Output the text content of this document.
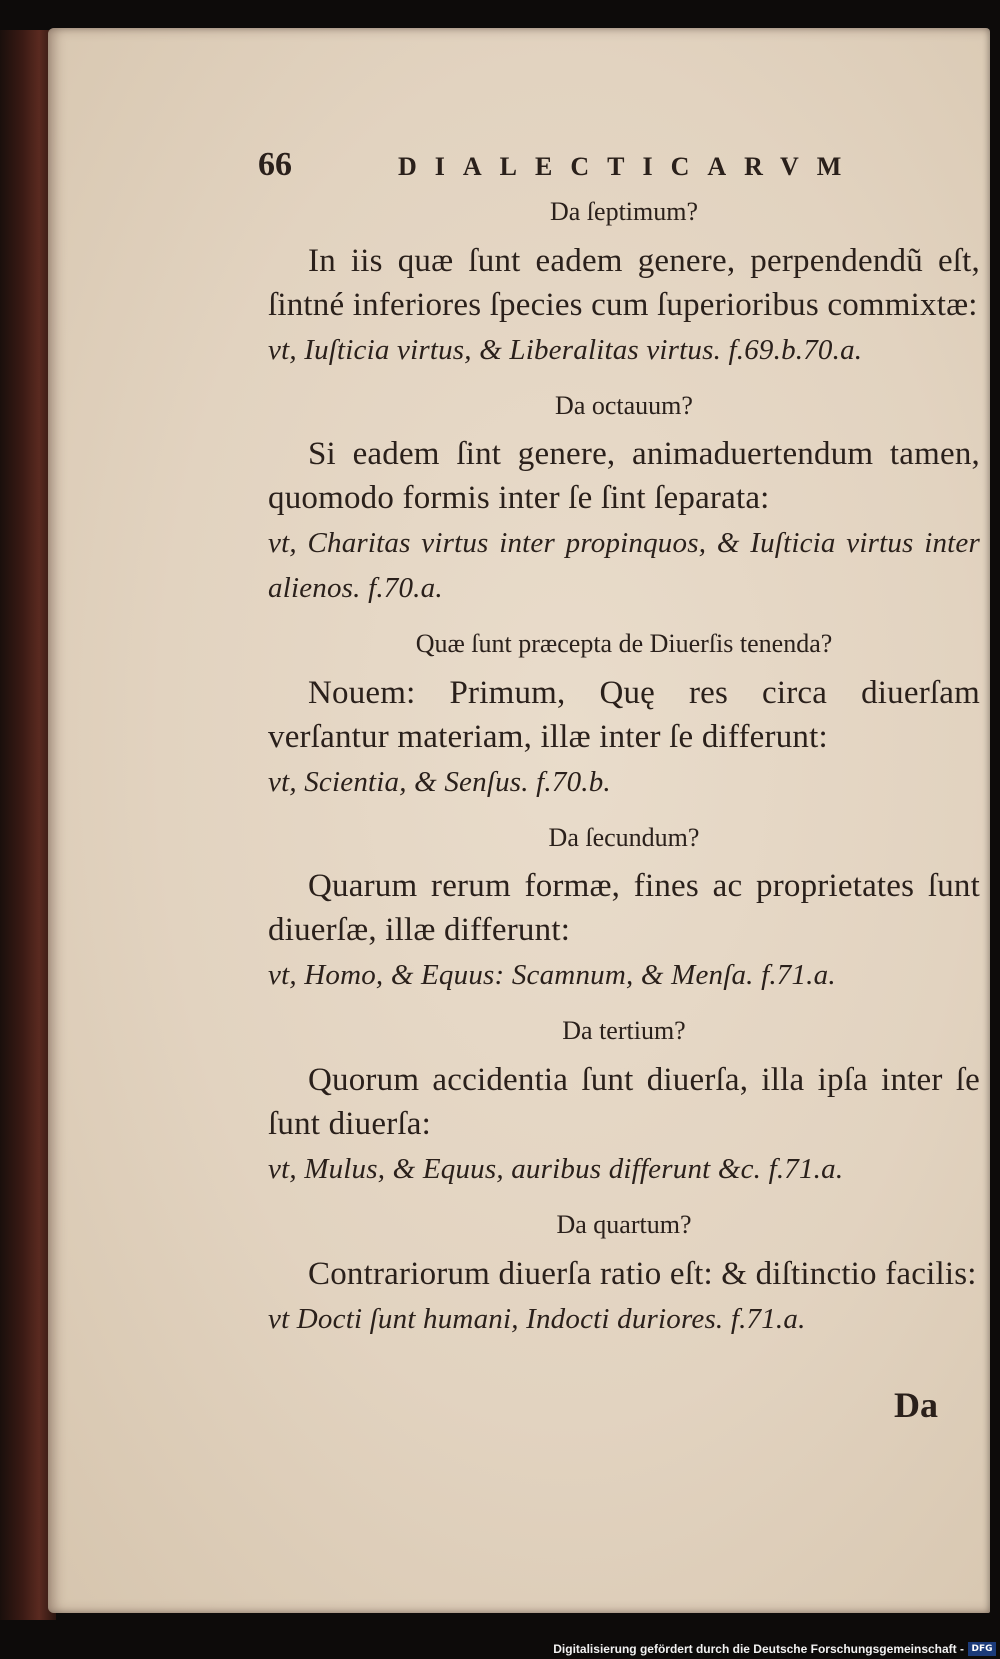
66	DIALECTICARVM
Da ſeptimum?
In iis quæ ſunt eadem genere, perpendendũ eſt, ſintné inferiores ſpecies cum ſuperioribus commixtæ: vt, Iuſticia virtus, & Liberalitas virtus. f.69.b.70.a.
Da octauum?
Si eadem ſint genere, animaduertendum tamen, quomodo formis inter ſe ſint ſeparata: vt, Charitas virtus inter propinquos, & Iuſticia virtus inter alienos. f.70.a.
Quæ ſunt præcepta de Diuerſis tenenda?
Nouem: Primum, Quę res circa diuerſam verſantur materiam, illæ inter ſe differunt: vt, Scientia, & Senſus. f.70.b.
Da ſecundum?
Quarum rerum formæ, fines ac proprietates ſunt diuerſæ, illæ differunt: vt, Homo, & Equus: Scamnum, & Menſa. f.71.a.
Da tertium?
Quorum accidentia ſunt diuerſa, illa ipſa inter ſe ſunt diuerſa: vt, Mulus, & Equus, auribus differunt &c. f.71.a.
Da quartum?
Contrariorum diuerſa ratio eſt: & diſtinctio facilis: vt Docti ſunt humani, Indocti duriores. f.71.a.
Da
Digitalisierung gefördert durch die Deutsche Forschungsgemeinschaft - DFG
